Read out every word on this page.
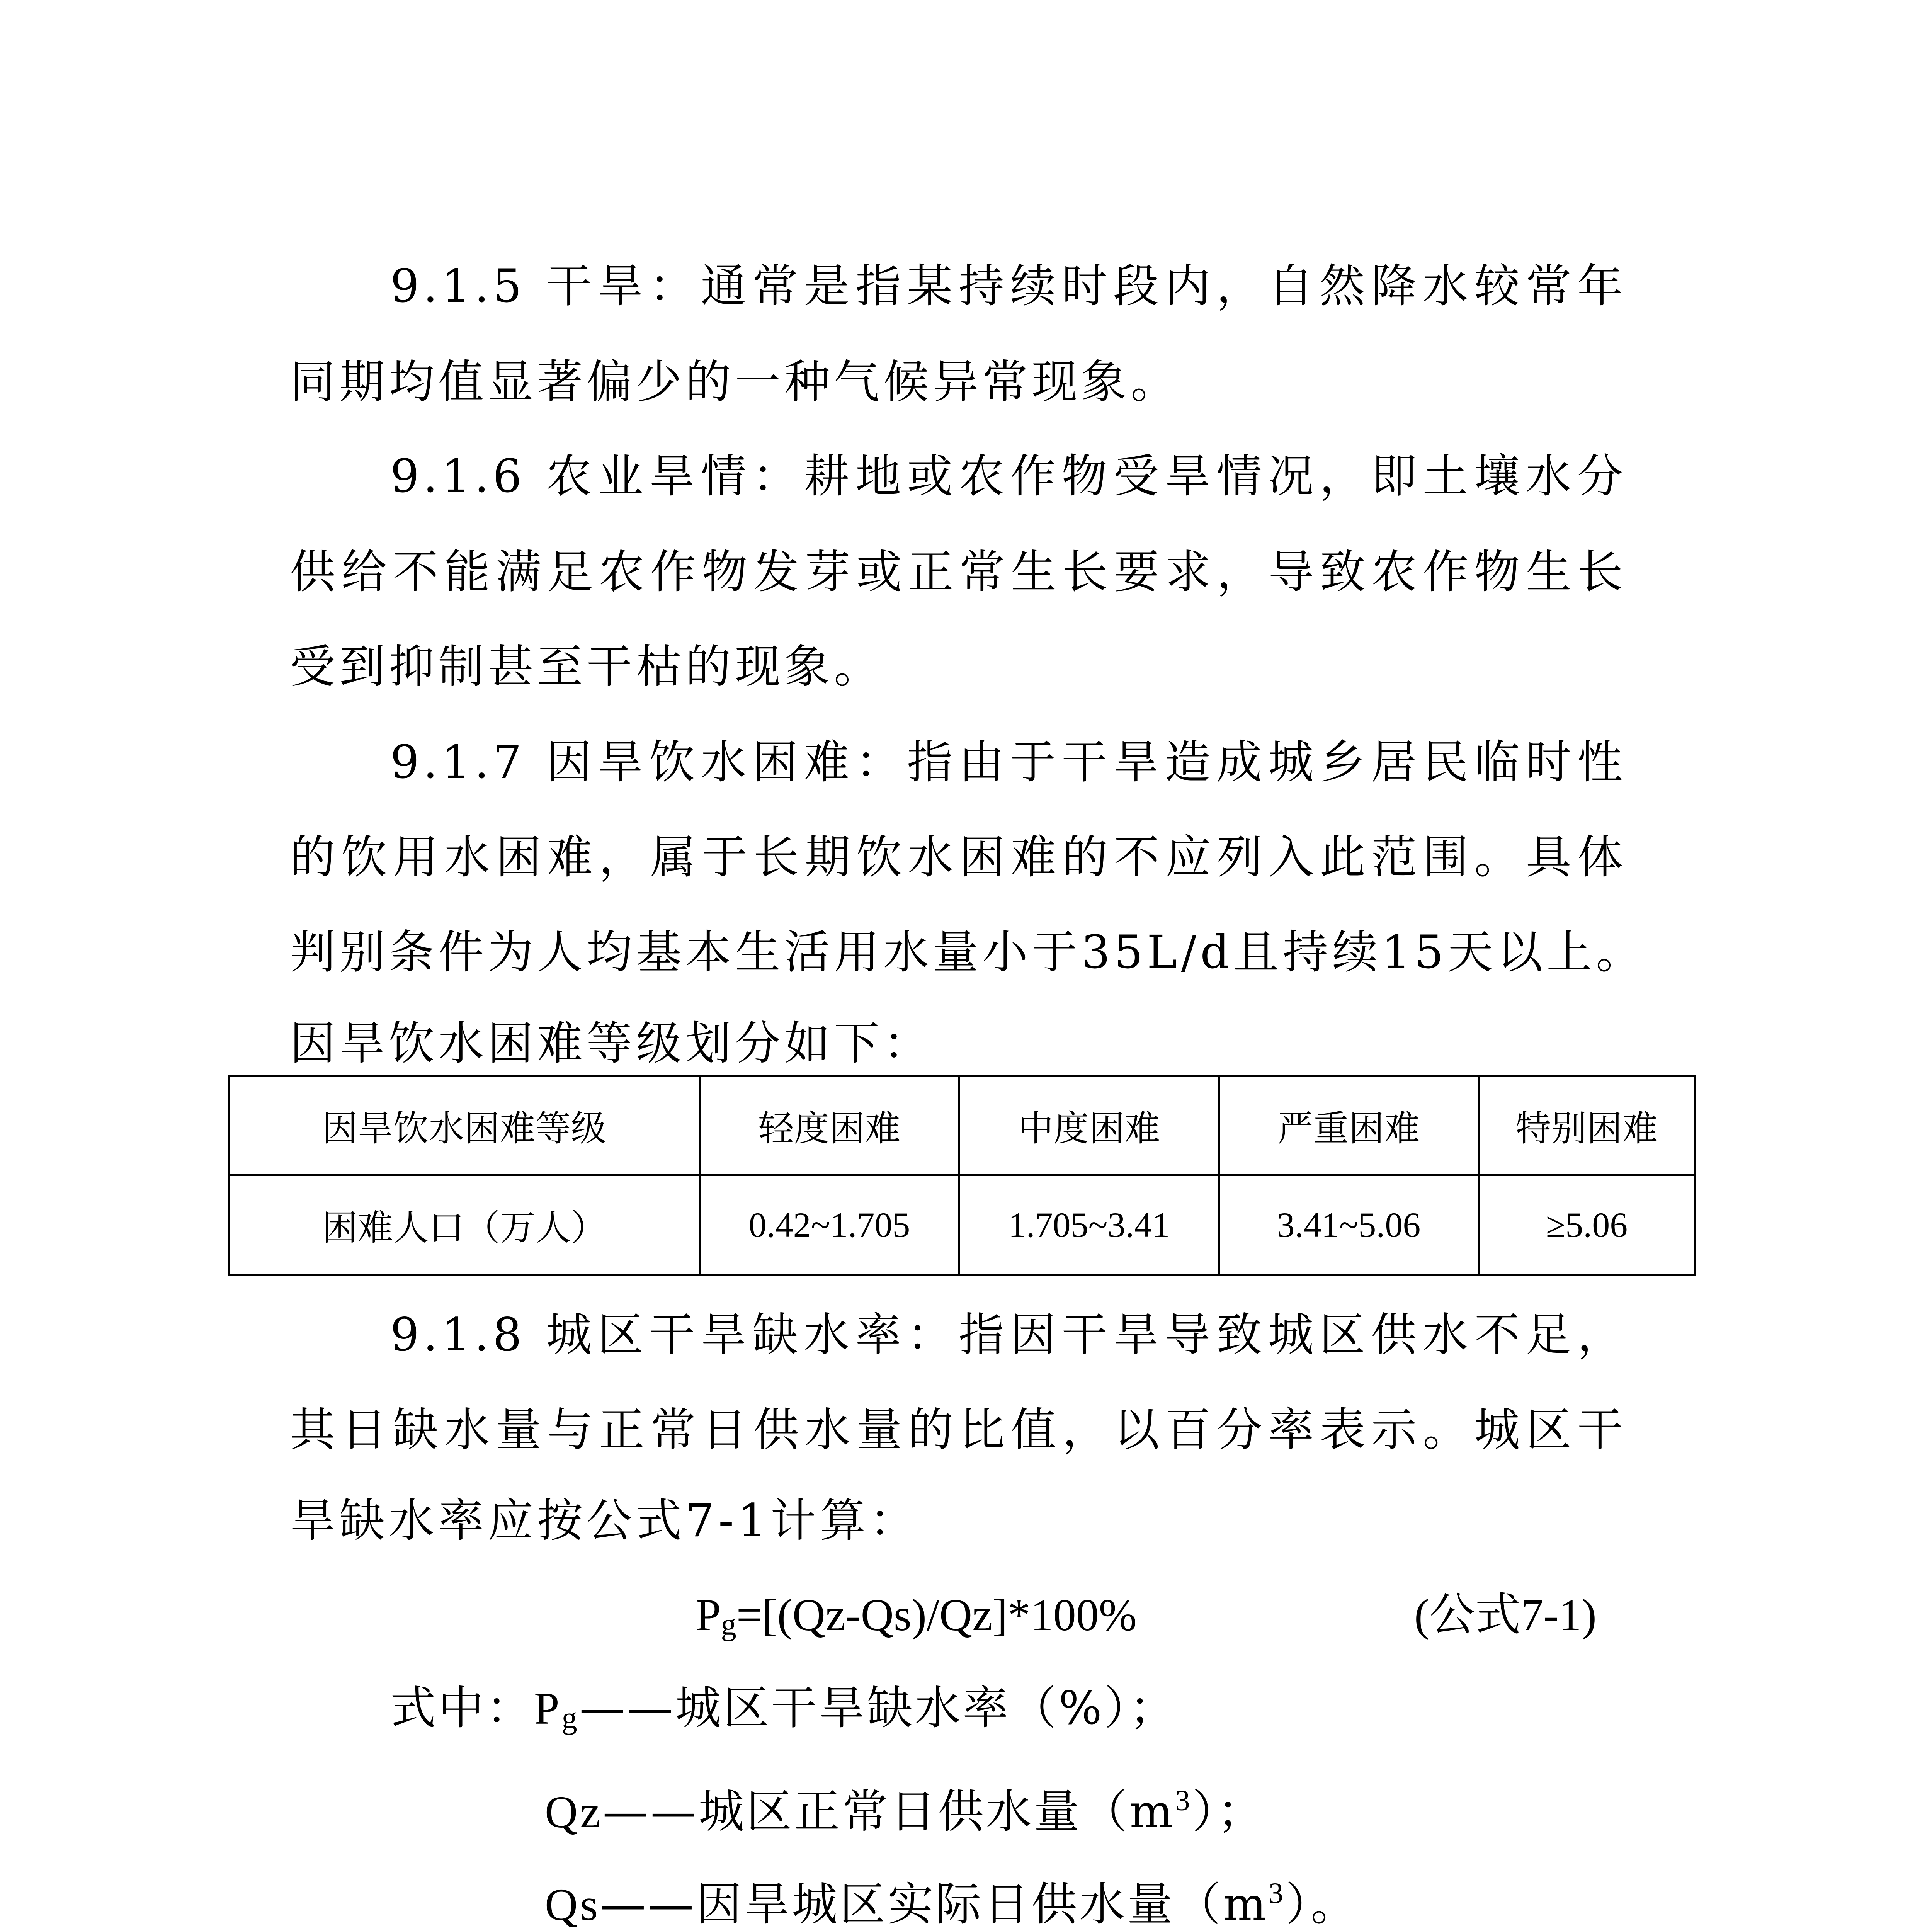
9.1.5 干旱：通常是指某持续时段内，自然降水较常年
同期均值显著偏少的一种气候异常现象。
9.1.6 农业旱情：耕地或农作物受旱情况，即土壤水分
供给不能满足农作物发芽或正常生长要求，导致农作物生长
受到抑制甚至干枯的现象。
9.1.7 因旱饮水困难：指由于干旱造成城乡居民临时性
的饮用水困难，属于长期饮水困难的不应列入此范围。具体
判别条件为人均基本生活用水量小于35L/d且持续15天以上。
因旱饮水困难等级划分如下：
因旱饮水困难等级	轻度困难	中度困难	严重困难	特别困难
困难人口（万人）	0.42~1.705	1.705~3.41	3.41~5.06	≥5.06
9.1.8 城区干旱缺水率：指因干旱导致城区供水不足，
其日缺水量与正常日供水量的比值，以百分率表示。城区干
旱缺水率应按公式7-1计算：
$P_g=[(Qz-Qs)/Qz]*100\%$	(公式7-1)
式中：$P_g——$城区干旱缺水率（%）；
Qz——城区正常日供水量$(m^3)$；
Qs——因旱城区实际日供水量$(m^3)$。
